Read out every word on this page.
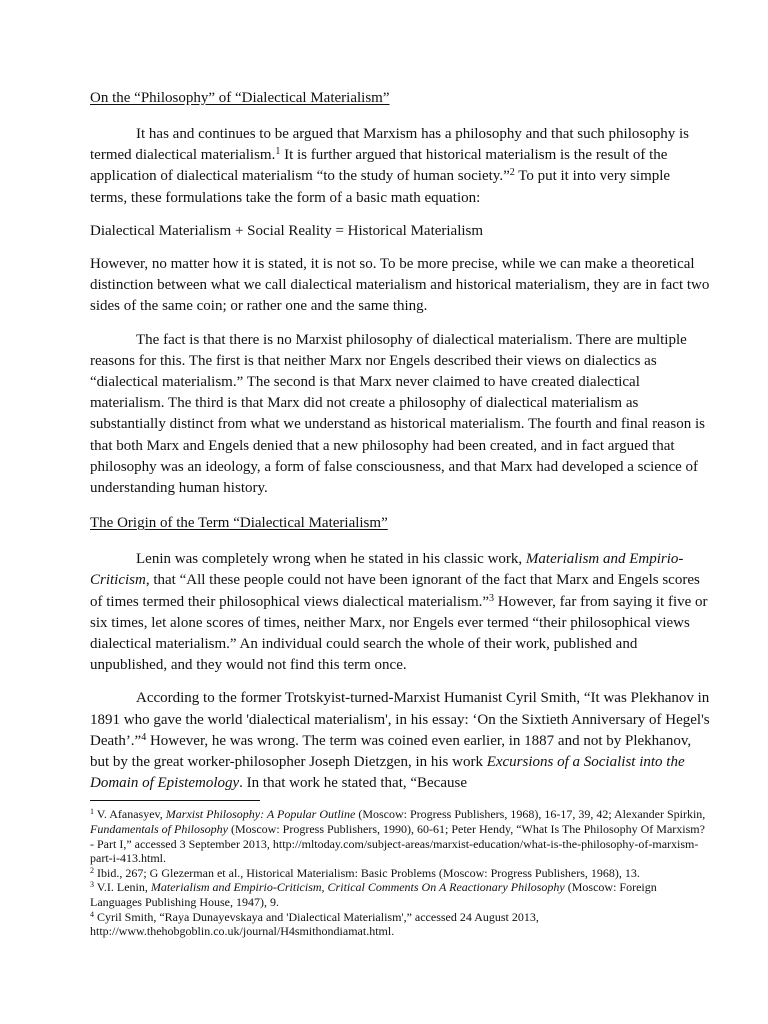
On the “Philosophy” of “Dialectical Materialism”

It has and continues to be argued that Marxism has a philosophy and that such philosophy is termed dialectical materialism.$^1$ It is further argued that historical materialism is the result of the application of dialectical materialism “to the study of human society.”$^2$ To put it into very simple terms, these formulations take the form of a basic math equation:

Dialectical Materialism + Social Reality = Historical Materialism

However, no matter how it is stated, it is not so. To be more precise, while we can make a theoretical distinction between what we call dialectical materialism and historical materialism, they are in fact two sides of the same coin; or rather one and the same thing.

The fact is that there is no Marxist philosophy of dialectical materialism. There are multiple reasons for this. The first is that neither Marx nor Engels described their views on dialectics as “dialectical materialism.” The second is that Marx never claimed to have created dialectical materialism. The third is that Marx did not create a philosophy of dialectical materialism as substantially distinct from what we understand as historical materialism. The fourth and final reason is that both Marx and Engels denied that a new philosophy had been created, and in fact argued that philosophy was an ideology, a form of false consciousness, and that Marx had developed a science of understanding human history.

The Origin of the Term “Dialectical Materialism”

Lenin was completely wrong when he stated in his classic work, Materialism and Empirio-Criticism, that “All these people could not have been ignorant of the fact that Marx and Engels scores of times termed their philosophical views dialectical materialism.”$^3$ However, far from saying it five or six times, let alone scores of times, neither Marx, nor Engels ever termed “their philosophical views dialectical materialism.” An individual could search the whole of their work, published and unpublished, and they would not find this term once.

According to the former Trotskyist-turned-Marxist Humanist Cyril Smith, “It was Plekhanov in 1891 who gave the world 'dialectical materialism', in his essay: ‘On the Sixtieth Anniversary of Hegel's Death’.”$^4$ However, he was wrong. The term was coined even earlier, in 1887 and not by Plekhanov, but by the great worker-philosopher Joseph Dietzgen, in his work Excursions of a Socialist into the Domain of Epistemology. In that work he stated that, “Because

$^1$ V. Afanasyev, Marxist Philosophy: A Popular Outline (Moscow: Progress Publishers, 1968), 16-17, 39, 42; Alexander Spirkin, Fundamentals of Philosophy (Moscow: Progress Publishers, 1990), 60-61; Peter Hendy, “What Is The Philosophy Of Marxism? - Part I,” accessed 3 September 2013, http://mltoday.com/subject-areas/marxist-education/what-is-the-philosophy-of-marxism-part-i-413.html.

$^2$ Ibid., 267; G Glezerman et al., Historical Materialism: Basic Problems (Moscow: Progress Publishers, 1968), 13.

$^3$ V.I. Lenin, Materialism and Empirio-Criticism, Critical Comments On A Reactionary Philosophy (Moscow: Foreign Languages Publishing House, 1947), 9.

$^4$ Cyril Smith, “Raya Dunayevskaya and 'Dialectical Materialism',” accessed 24 August 2013, http://www.thehobgoblin.co.uk/journal/H4smithondiamat.html.
